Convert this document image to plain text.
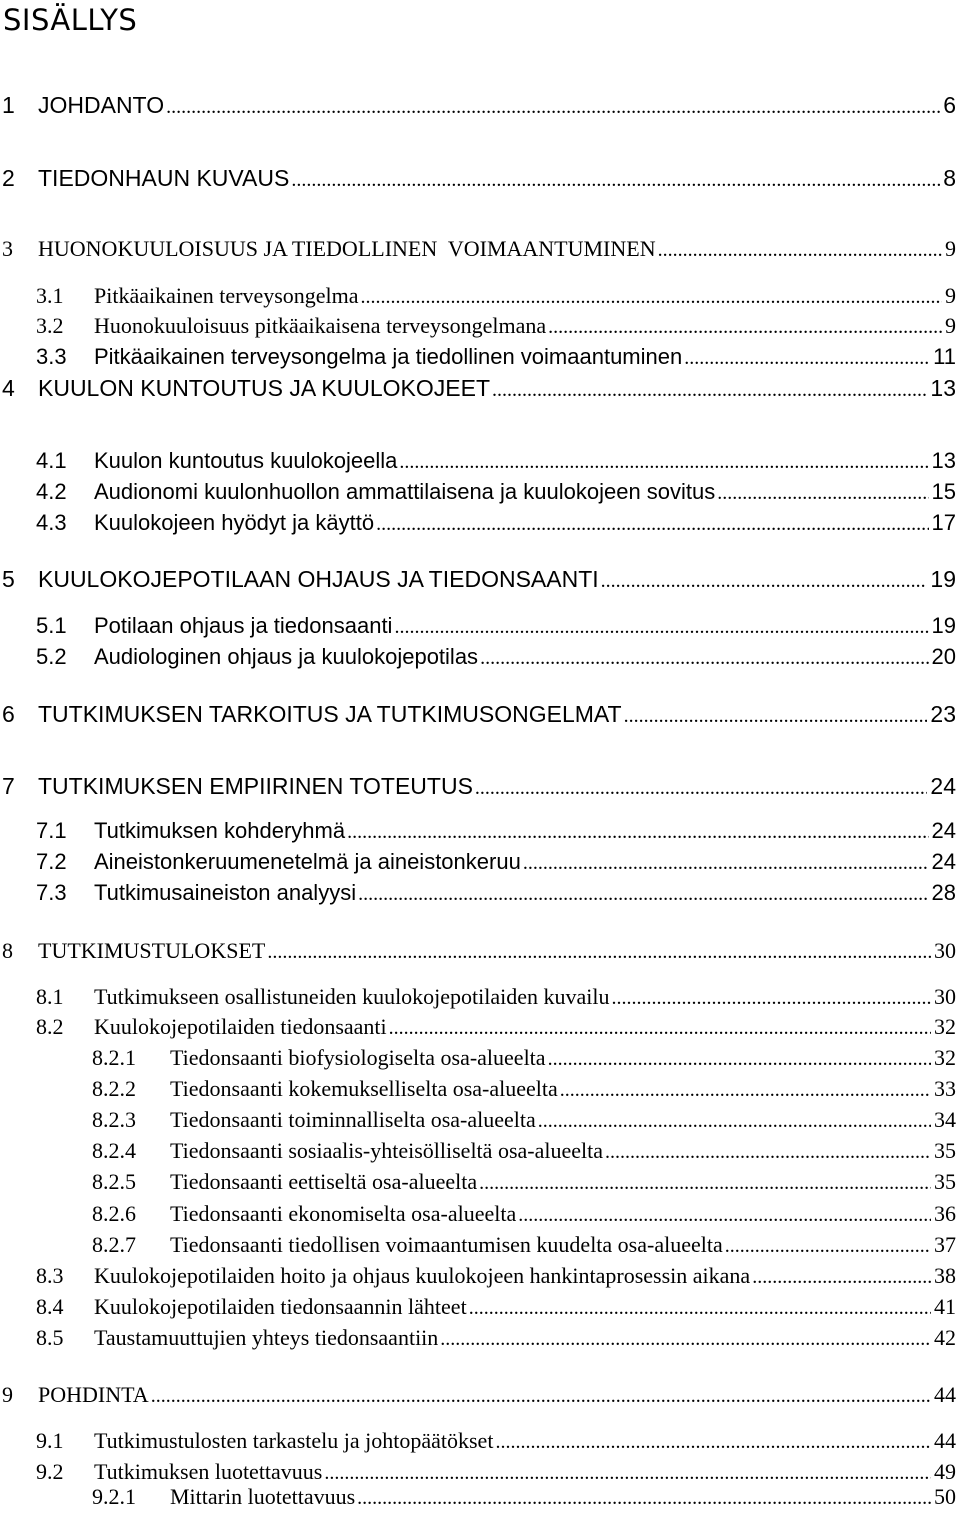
SISÄLLYS
1	JOHDANTO .....	6
2	TIEDONHAUN KUVAUS .....	8
3	HUONOKUULOISUUS JA TIEDOLLINEN  VOIMAANTUMINEN .....	9
3.1	Pitkäaikainen terveysongelma .....	9
3.2	Huonokuuloisuus pitkäaikaisena terveysongelmana .....	9
3.3	Pitkäaikainen terveysongelma ja tiedollinen voimaantuminen .....	11
4	KUULON KUNTOUTUS JA KUULOKOJEET .....	13
4.1	Kuulon kuntoutus kuulokojeella .....	13
4.2	Audionomi kuulonhuollon ammattilaisena ja kuulokojeen sovitus .....	15
4.3	Kuulokojeen hyödyt ja käyttö .....	17
5	KUULOKOJEPOTILAAN OHJAUS JA TIEDONSAANTI .....	19
5.1	Potilaan ohjaus ja tiedonsaanti .....	19
5.2	Audiologinen ohjaus ja kuulokojepotilas .....	20
6	TUTKIMUKSEN TARKOITUS JA TUTKIMUSONGELMAT .....	23
7	TUTKIMUKSEN EMPIIRINEN TOTEUTUS .....	24
7.1	Tutkimuksen kohderyhmä .....	24
7.2	Aineistonkeruumenetelmä ja aineistonkeruu .....	24
7.3	Tutkimusaineiston analyysi .....	28
8	TUTKIMUSTULOKSET .....	30
8.1	Tutkimukseen osallistuneiden kuulokojepotilaiden kuvailu .....	30
8.2	Kuulokojepotilaiden tiedonsaanti .....	32
8.2.1	Tiedonsaanti biofysiologiselta osa-alueelta .....	32
8.2.2	Tiedonsaanti kokemukselliselta osa-alueelta .....	33
8.2.3	Tiedonsaanti toiminnalliselta osa-alueelta .....	34
8.2.4	Tiedonsaanti sosiaalis-yhteisölliseltä osa-alueelta .....	35
8.2.5	Tiedonsaanti eettiseltä osa-alueelta .....	35
8.2.6	Tiedonsaanti ekonomiselta osa-alueelta .....	36
8.2.7	Tiedonsaanti tiedollisen voimaantumisen kuudelta osa-alueelta .....	37
8.3	Kuulokojepotilaiden hoito ja ohjaus kuulokojeen hankintaprosessin aikana .....	38
8.4	Kuulokojepotilaiden tiedonsaannin lähteet .....	41
8.5	Taustamuuttujien yhteys tiedonsaantiin .....	42
9	POHDINTA .....	44
9.1	Tutkimustulosten tarkastelu ja johtopäätökset .....	44
9.2	Tutkimuksen luotettavuus .....	49
9.2.1	Mittarin luotettavuus .....	50
